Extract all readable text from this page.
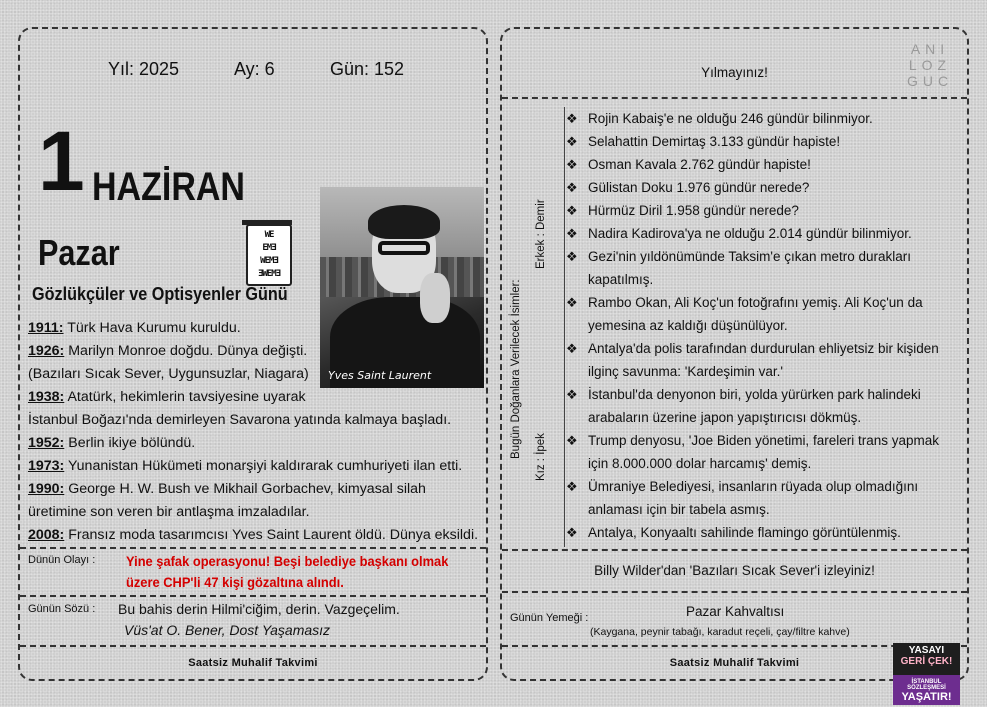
Yıl: 2025	Ay: 6	Gün: 152
1 HAZİRAN
Pazar	WE
EMƎ
WEMƎ
ƎWEMƎ
Yves Saint Laurent
Gözlükçüler ve Optisyenler Günü
1911: Türk Hava Kurumu kuruldu.
1926: Marilyn Monroe doğdu. Dünya değişti.
(Bazıları Sıcak Sever, Uygunsuzlar, Niagara)
1938: Atatürk, hekimlerin tavsiyesine uyarak
İstanbul Boğazı'nda demirleyen Savarona yatında kalmaya başladı.
1952: Berlin ikiye bölündü.
1973: Yunanistan Hükümeti monarşiyi kaldırarak cumhuriyeti ilan etti.
1990: George H. W. Bush ve Mikhail Gorbachev, kimyasal silah
üretimine son veren bir antlaşma imzaladılar.
2008: Fransız moda tasarımcısı Yves Saint Laurent öldü. Dünya eksildi.
Dünün Olayı : Yine şafak operasyonu! Beşi belediye başkanı olmak
üzere CHP'li 47 kişi gözaltına alındı.
Günün Sözü : Bu bahis derin Hilmi'ciğim, derin. Vazgeçelim.
Vüs'at O. Bener, Dost Yaşamasız
Saatsiz Muhalif Takvimi
Yılmayınız!
ANI
LOZ
GUC
Bugün Doğanlara Verilecek İsimler: Kız : İpek
Erkek : Demir
❖ Rojin Kabaiş'e ne olduğu 246 gündür bilinmiyor.
❖ Selahattin Demirtaş 3.133 gündür hapiste!
❖ Osman Kavala 2.762 gündür hapiste!
❖ Gülistan Doku 1.976 gündür nerede?
❖ Hürmüz Diril 1.958 gündür nerede?
❖ Nadira Kadirova'ya ne olduğu 2.014 gündür bilinmiyor.
❖ Gezi'nin yıldönümünde Taksim'e çıkan metro durakları kapatılmış.
❖ Rambo Okan, Ali Koç'un fotoğrafını yemiş. Ali Koç'un da yemesina az kaldığı düşünülüyor.
❖ Antalya'da polis tarafından durdurulan ehliyetsiz bir kişiden ilginç savunma: 'Kardeşimin var.'
❖ İstanbul'da denyonon biri, yolda yürürken park halindeki arabaların üzerine japon yapıştırıcısı dökmüş.
❖ Trump denyosu, 'Joe Biden yönetimi, fareleri trans yapmak için 8.000.000 dolar harcamış' demiş.
❖ Ümraniye Belediyesi, insanların rüyada olup olmadığını anlaması için bir tabela asmış.
❖ Antalya, Konyaaltı sahilinde flamingo görüntülenmiş.
Billy Wilder'dan 'Bazıları Sıcak Sever'i izleyiniz!
Günün Yemeği :	Pazar Kahvaltısı
(Kaygana, peynir tabağı, karadut reçeli, çay/filtre kahve)
Saatsiz Muhalif Takvimi
YASAYI
GERİ ÇEK!
İSTANBUL SÖZLEŞMESİ
YAŞATIR!
